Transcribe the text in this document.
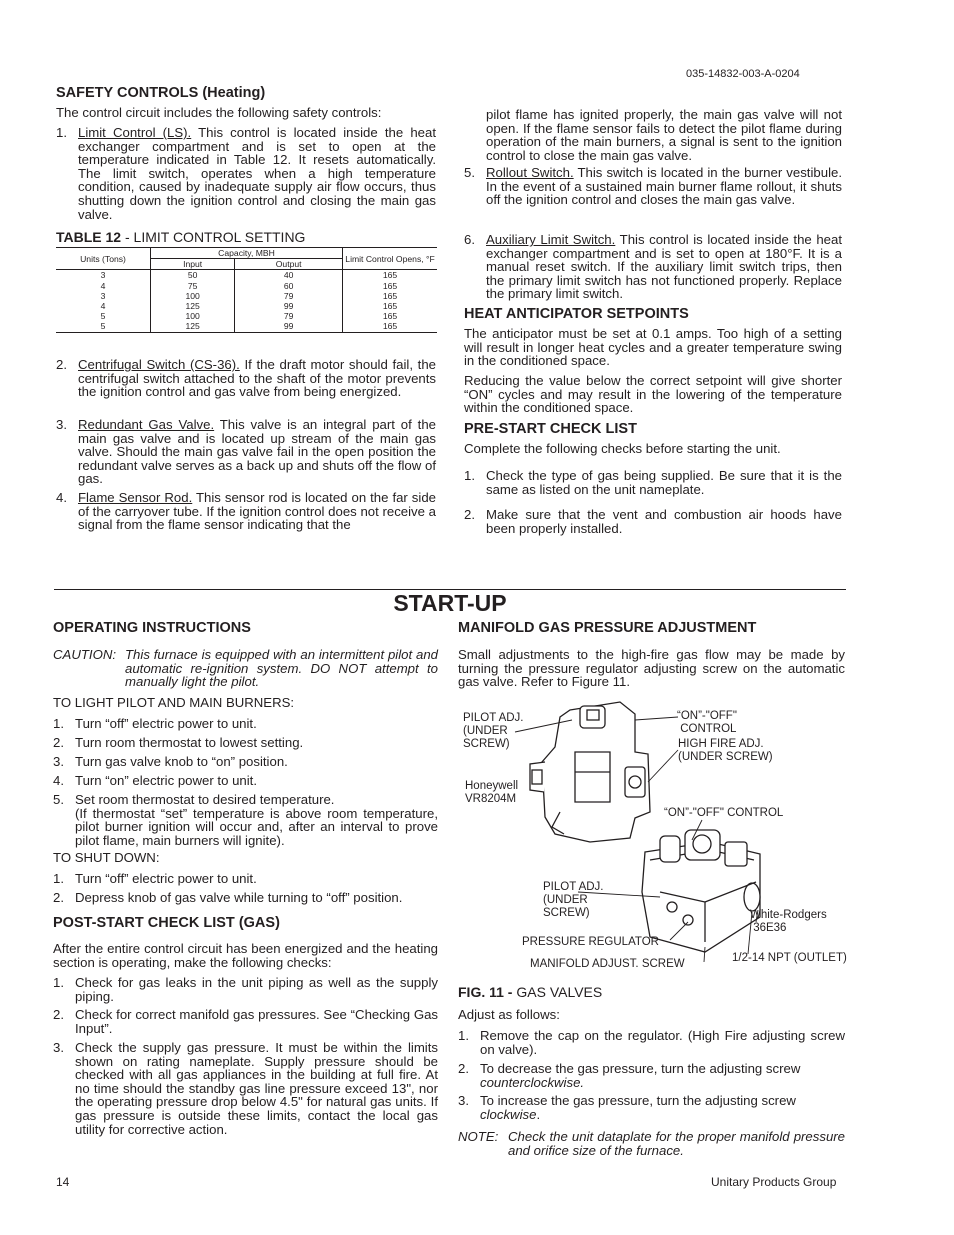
035-14832-003-A-0204
SAFETY CONTROLS (Heating)
The control circuit includes the following safety controls:
1. Limit Control (LS). This control is located inside the heat exchanger compartment and is set to open at the temperature indicated in Table 12. It resets automatically. The limit switch, operates when a high temperature condition, caused by inadequate supply air flow occurs, thus shutting down the ignition control and closing the main gas valve.
TABLE 12 - LIMIT CONTROL SETTING
Units (Tons)	Capacity, MBH		Limit Control Opens, °F
	Input	Output	
3	50	40	165
4	75	60	165
3	100	79	165
4	125	99	165
5	100	79	165
5	125	99	165
2. Centrifugal Switch (CS-36). If the draft motor should fail, the centrifugal switch attached to the shaft of the motor prevents the ignition control and gas valve from being energized.
3. Redundant Gas Valve. This valve is an integral part of the main gas valve and is located up stream of the main gas valve. Should the main gas valve fail in the open position the redundant valve serves as a back up and shuts off the flow of gas.
4. Flame Sensor Rod. This sensor rod is located on the far side of the carryover tube. If the ignition control does not receive a signal from the flame sensor indicating that the
pilot flame has ignited properly, the main gas valve will not open. If the flame sensor fails to detect the pilot flame during operation of the main burners, a signal is sent to the ignition control to close the main gas valve.
5. Rollout Switch. This switch is located in the burner vestibule. In the event of a sustained main burner flame rollout, it shuts off the ignition control and closes the main gas valve.
6. Auxiliary Limit Switch. This control is located inside the heat exchanger compartment and is set to open at 180°F. It is a manual reset switch. If the auxiliary limit switch trips, then the primary limit switch has not functioned properly. Replace the primary limit switch.
HEAT ANTICIPATOR SETPOINTS
The anticipator must be set at 0.1 amps. Too high of a setting will result in longer heat cycles and a greater temperature swing in the conditioned space.
Reducing the value below the correct setpoint will give shorter “ON” cycles and may result in the lowering of the temperature within the conditioned space.
PRE-START CHECK LIST
Complete the following checks before starting the unit.
1. Check the type of gas being supplied. Be sure that it is the same as listed on the unit nameplate.
2. Make sure that the vent and combustion air hoods have been properly installed.
START-UP
OPERATING INSTRUCTIONS
CAUTION: This furnace is equipped with an intermittent pilot and automatic re-ignition system. DO NOT attempt to manually light the pilot.
TO LIGHT PILOT AND MAIN BURNERS:
1. Turn “off” electric power to unit.
2. Turn room thermostat to lowest setting.
3. Turn gas valve knob to “on” position.
4. Turn “on” electric power to unit.
5. Set room thermostat to desired temperature.
(If thermostat “set” temperature is above room temperature, pilot burner ignition will occur and, after an interval to prove pilot flame, main burners will ignite).
TO SHUT DOWN:
1. Turn “off” electric power to unit.
2. Depress knob of gas valve while turning to “off” position.
POST-START CHECK LIST (GAS)
After the entire control circuit has been energized and the heating section is operating, make the following checks:
1. Check for gas leaks in the unit piping as well as the supply piping.
2. Check for correct manifold gas pressures. See “Checking Gas Input”.
3. Check the supply gas pressure. It must be within the limits shown on rating nameplate. Supply pressure should be checked with all gas appliances in the building at full fire. At no time should the standby gas line pressure exceed 13", nor the operating pressure drop below 4.5" for natural gas units. If gas pressure is outside these limits, contact the local gas utility for corrective action.
MANIFOLD GAS PRESSURE ADJUSTMENT
Small adjustments to the high-fire gas flow may be made by turning the pressure regulator adjusting screw on the automatic gas valve. Refer to Figure 11.
PILOT ADJ.
(UNDER
SCREW)
“ON”-"OFF"
CONTROL
HIGH FIRE ADJ.
(UNDER SCREW)
Honeywell
VR8204M
“ON”-"OFF" CONTROL
PILOT ADJ.
(UNDER
SCREW)	White-Rodgers
36E36
PRESSURE REGULATOR
MANIFOLD ADJUST. SCREW	1/2-14 NPT (OUTLET)
FIG. 11 - GAS VALVES
Adjust as follows:
1. Remove the cap on the regulator. (High Fire adjusting screw on valve).
2. To decrease the gas pressure, turn the adjusting screw
counterclockwise.
3. To increase the gas pressure, turn the adjusting screw
clockwise.
NOTE: Check the unit dataplate for the proper manifold pressure and orifice size of the furnace.
14	Unitary Products Group
